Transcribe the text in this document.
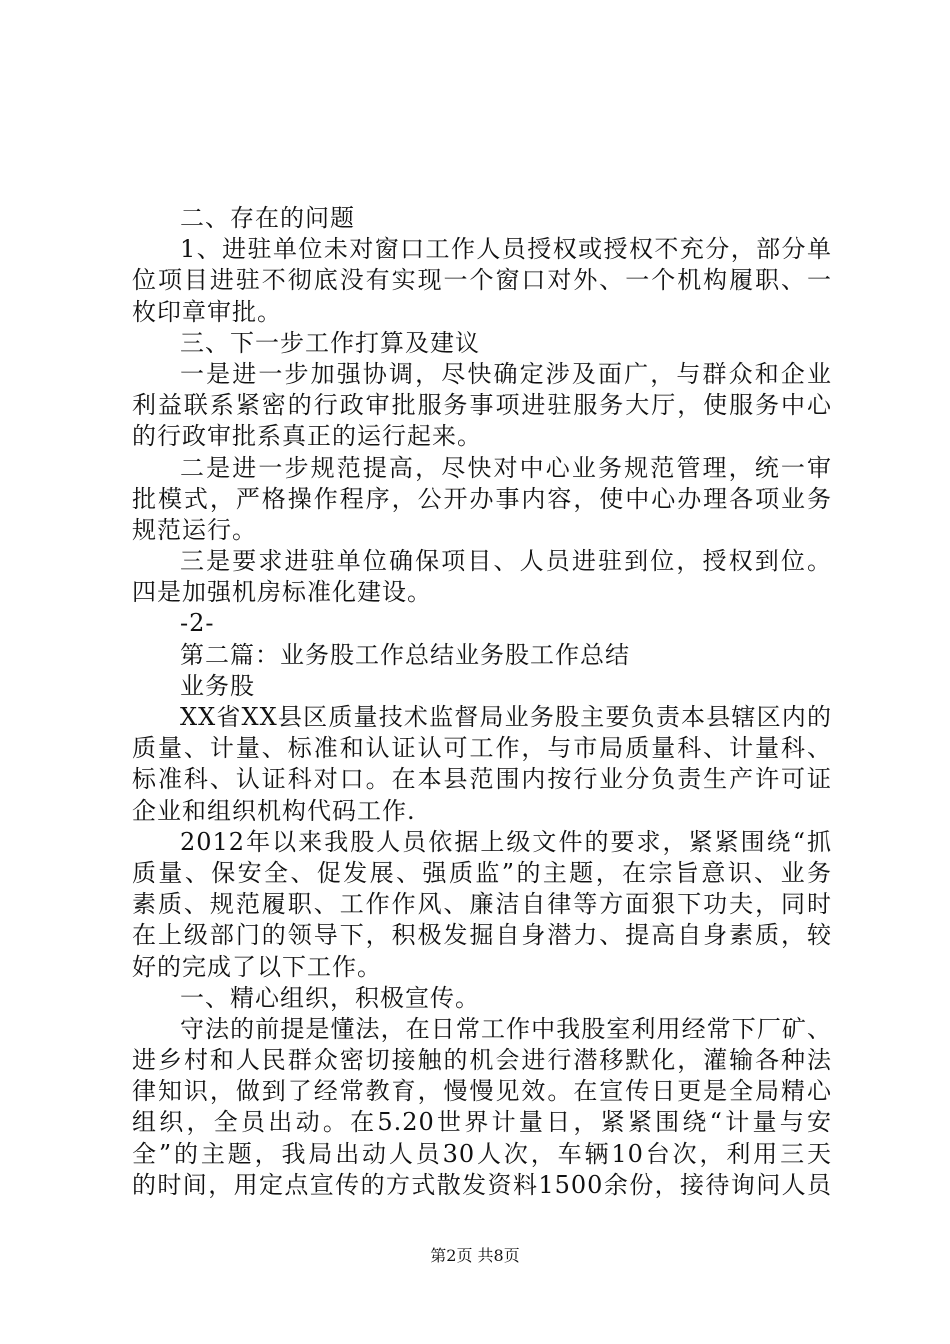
二、存在的问题
1、进驻单位未对窗口工作人员授权或授权不充分，部分单
位项目进驻不彻底没有实现一个窗口对外、一个机构履职、一
枚印章审批。
三、下一步工作打算及建议
一是进一步加强协调，尽快确定涉及面广，与群众和企业
利益联系紧密的行政审批服务事项进驻服务大厅，使服务中心
的行政审批系真正的运行起来。
二是进一步规范提高，尽快对中心业务规范管理，统一审
批模式，严格操作程序，公开办事内容，使中心办理各项业务
规范运行。
三是要求进驻单位确保项目、人员进驻到位，授权到位。
四是加强机房标准化建设。
-2-
第二篇：业务股工作总结业务股工作总结
业务股
XX省XX县区质量技术监督局业务股主要负责本县辖区内的
质量、计量、标准和认证认可工作，与市局质量科、计量科、
标准科、认证科对口。在本县范围内按行业分负责生产许可证
企业和组织机构代码工作.
2012年以来我股人员依据上级文件的要求，紧紧围绕“抓
质量、保安全、促发展、强质监”的主题，在宗旨意识、业务
素质、规范履职、工作作风、廉洁自律等方面狠下功夫，同时
在上级部门的领导下，积极发掘自身潜力、提高自身素质，较
好的完成了以下工作。
一、精心组织，积极宣传。
守法的前提是懂法，在日常工作中我股室利用经常下厂矿、
进乡村和人民群众密切接触的机会进行潜移默化，灌输各种法
律知识，做到了经常教育，慢慢见效。在宣传日更是全局精心
组织，全员出动。在5.20世界计量日，紧紧围绕“计量与安
全”的主题，我局出动人员30人次，车辆10台次，利用三天
的时间，用定点宣传的方式散发资料1500余份，接待询问人员
第2页 共8页
